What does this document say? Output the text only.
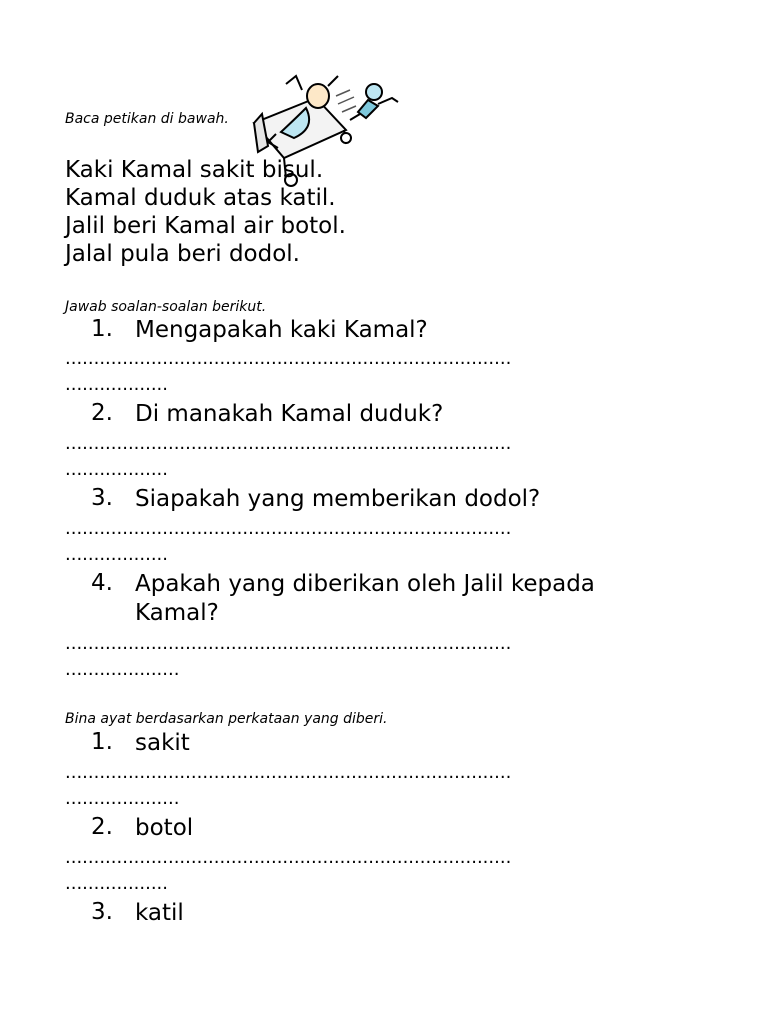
Baca petikan di bawah.
Kaki Kamal sakit bisul.
Kamal duduk atas katil.
Jalil beri Kamal air botol.
Jalal pula beri dodol.
Jawab soalan-soalan berikut.
1. Mengapakah kaki Kamal?
..............................................................................
..................
2. Di manakah Kamal duduk?
..............................................................................
..................
3. Siapakah yang memberikan dodol?
..............................................................................
..................
4. Apakah yang diberikan oleh Jalil kepada Kamal?
..............................................................................
....................
Bina ayat berdasarkan perkataan yang diberi.
1. sakit
..............................................................................
....................
2. botol
..............................................................................
..................
3. katil
